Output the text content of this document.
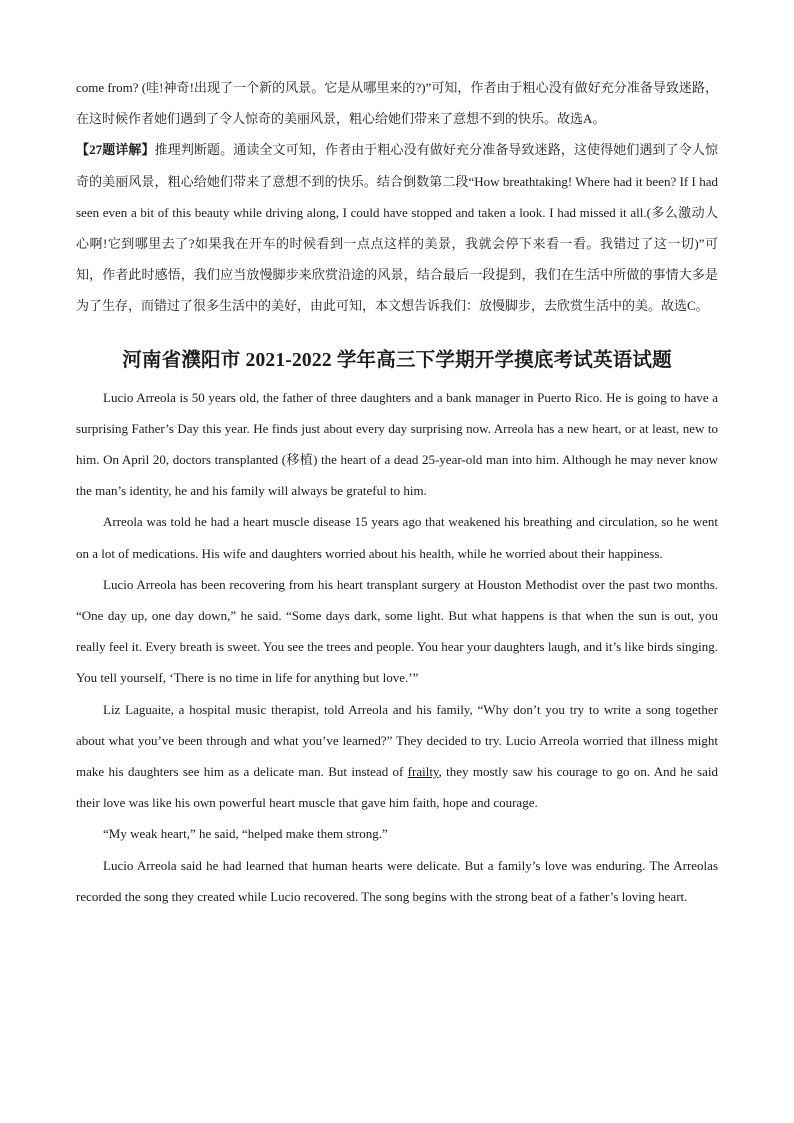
come from? (哇!神奇!出现了一个新的风景。它是从哪里来的?)”可知，作者由于粗心没有做好充分准备导致迷路，在这时候作者她们遇到了令人惊奇的美丽风景，粗心给她们带来了意想不到的快乐。故选A。

【27题详解】推理判断题。通读全文可知，作者由于粗心没有做好充分准备导致迷路，这使得她们遇到了令人惊奇的美丽风景，粗心给她们带来了意想不到的快乐。结合倒数第二段“How breathtaking! Where had it been? If I had seen even a bit of this beauty while driving along, I could have stopped and taken a look. I had missed it all.(多么激动人心啊!它到哪里去了?如果我在开车的时候看到一点点这样的美景，我就会停下来看一看。我错过了这一切)”可知，作者此时感悟，我们应当放慢脚步来欣赏沿途的风景，结合最后一段提到，我们在生活中所做的事情大多是为了生存，而错过了很多生活中的美好，由此可知，本文想告诉我们：放慢脚步，去欣赏生活中的美。故选C。

河南省濮阳市 2021-2022 学年高三下学期开学摸底考试英语试题

Lucio Arreola is 50 years old, the father of three daughters and a bank manager in Puerto Rico. He is going to have a surprising Father’s Day this year. He finds just about every day surprising now. Arreola has a new heart, or at least, new to him. On April 20, doctors transplanted (移植) the heart of a dead 25-year-old man into him. Although he may never know the man’s identity, he and his family will always be grateful to him.

Arreola was told he had a heart muscle disease 15 years ago that weakened his breathing and circulation, so he went on a lot of medications. His wife and daughters worried about his health, while he worried about their happiness.

Lucio Arreola has been recovering from his heart transplant surgery at Houston Methodist over the past two months. “One day up, one day down,” he said. “Some days dark, some light. But what happens is that when the sun is out, you really feel it. Every breath is sweet. You see the trees and people. You hear your daughters laugh, and it’s like birds singing. You tell yourself, ‘There is no time in life for anything but love.’”

Liz Laguaite, a hospital music therapist, told Arreola and his family, “Why don’t you try to write a song together about what you’ve been through and what you’ve learned?” They decided to try. Lucio Arreola worried that illness might make his daughters see him as a delicate man. But instead of frailty, they mostly saw his courage to go on. And he said their love was like his own powerful heart muscle that gave him faith, hope and courage.

“My weak heart,” he said, “helped make them strong.”

Lucio Arreola said he had learned that human hearts were delicate. But a family’s love was enduring. The Arreolas recorded the song they created while Lucio recovered. The song begins with the strong beat of a father’s loving heart.
